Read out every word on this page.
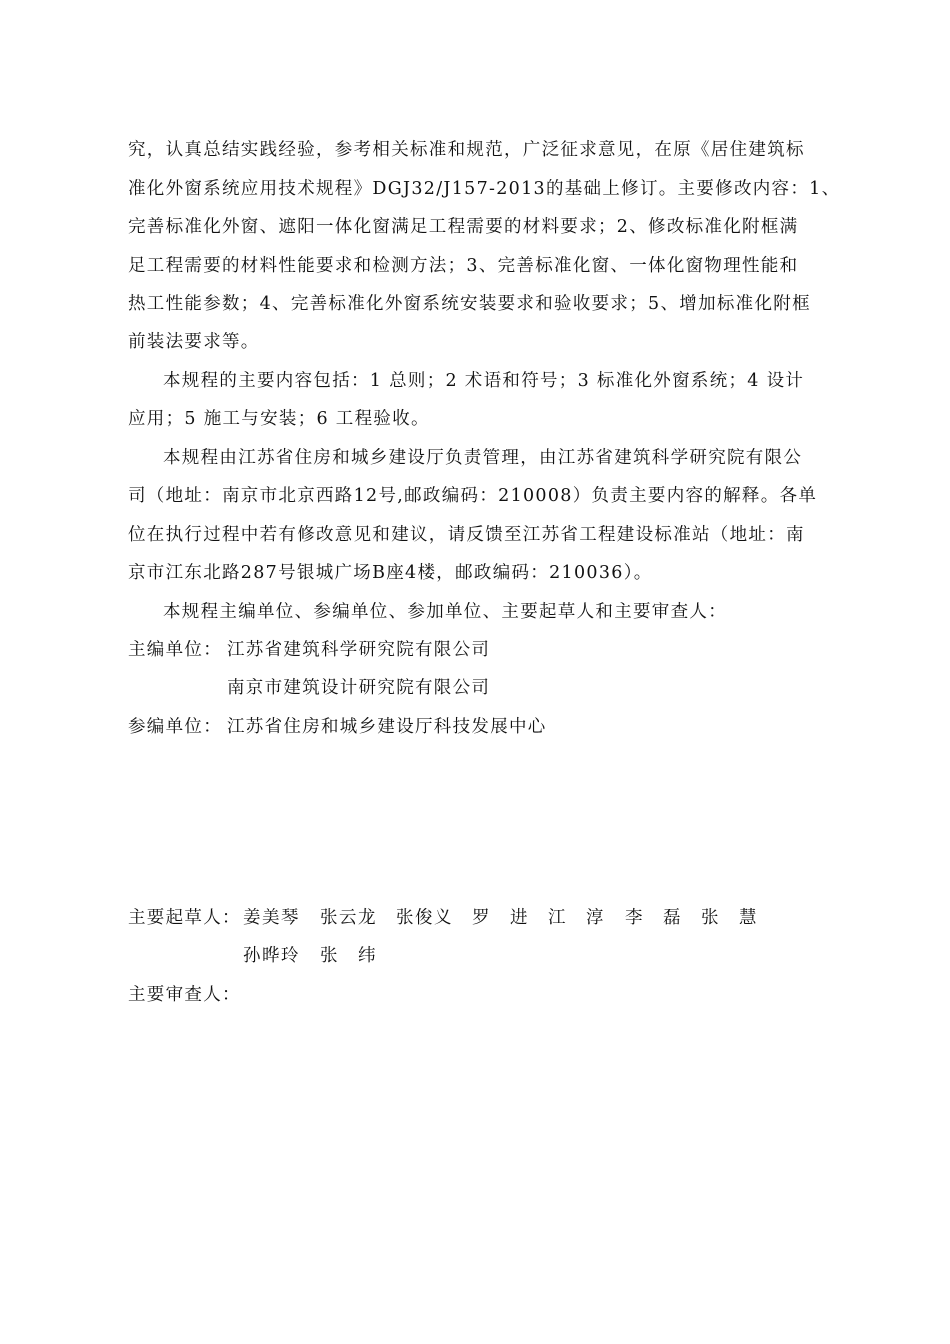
究，认真总结实践经验，参考相关标准和规范，广泛征求意见，在原《居住建筑标
准化外窗系统应用技术规程》DGJ32/J157-2013的基础上修订。主要修改内容：1、
完善标准化外窗、遮阳一体化窗满足工程需要的材料要求；2、修改标准化附框满
足工程需要的材料性能要求和检测方法；3、完善标准化窗、一体化窗物理性能和
热工性能参数；4、完善标准化外窗系统安装要求和验收要求；5、增加标准化附框
前装法要求等。
本规程的主要内容包括：1 总则；2 术语和符号；3 标准化外窗系统；4 设计
应用；5 施工与安装；6 工程验收。
本规程由江苏省住房和城乡建设厅负责管理，由江苏省建筑科学研究院有限公
司（地址：南京市北京西路12号,邮政编码：210008）负责主要内容的解释。各单
位在执行过程中若有修改意见和建议，请反馈至江苏省工程建设标准站（地址：南
京市江东北路287号银城广场B座4楼，邮政编码：210036）。
本规程主编单位、参编单位、参加单位、主要起草人和主要审查人：
主编单位： 江苏省建筑科学研究院有限公司
南京市建筑设计研究院有限公司
参编单位： 江苏省住房和城乡建设厅科技发展中心
主要起草人： 姜美琴 张云龙 张俊义 罗　进 江　淳 李　磊 张　慧
孙晔玲 张　纬
主要审查人：
